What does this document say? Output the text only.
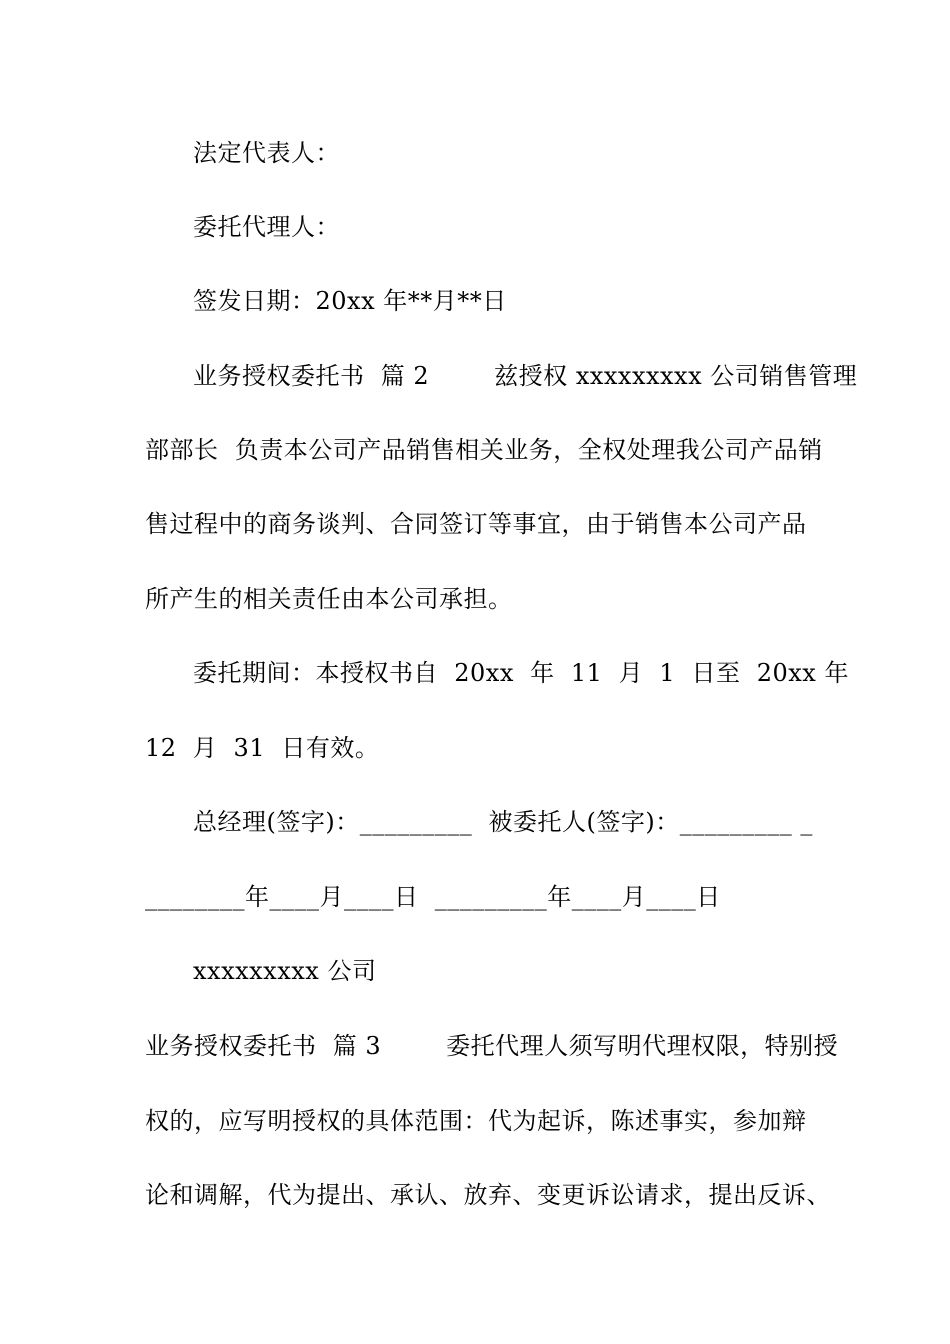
法定代表人：
委托代理人：
签发日期：20xx 年**月**日
业务授权委托书  篇 2        兹授权 xxxxxxxxx 公司销售管理
部部长  负责本公司产品销售相关业务，全权处理我公司产品销
售过程中的商务谈判、合同签订等事宜，由于销售本公司产品
所产生的相关责任由本公司承担。
委托期间：本授权书自  20xx  年  11  月  1  日至  20xx 年
12  月  31  日有效。
总经理(签字)：_________  被委托人(签字)：_________ _
________年____月____日  _________年____月____日
xxxxxxxxx 公司
业务授权委托书  篇 3        委托代理人须写明代理权限，特别授
权的，应写明授权的具体范围：代为起诉，陈述事实，参加辩
论和调解，代为提出、承认、放弃、变更诉讼请求，提出反诉、
